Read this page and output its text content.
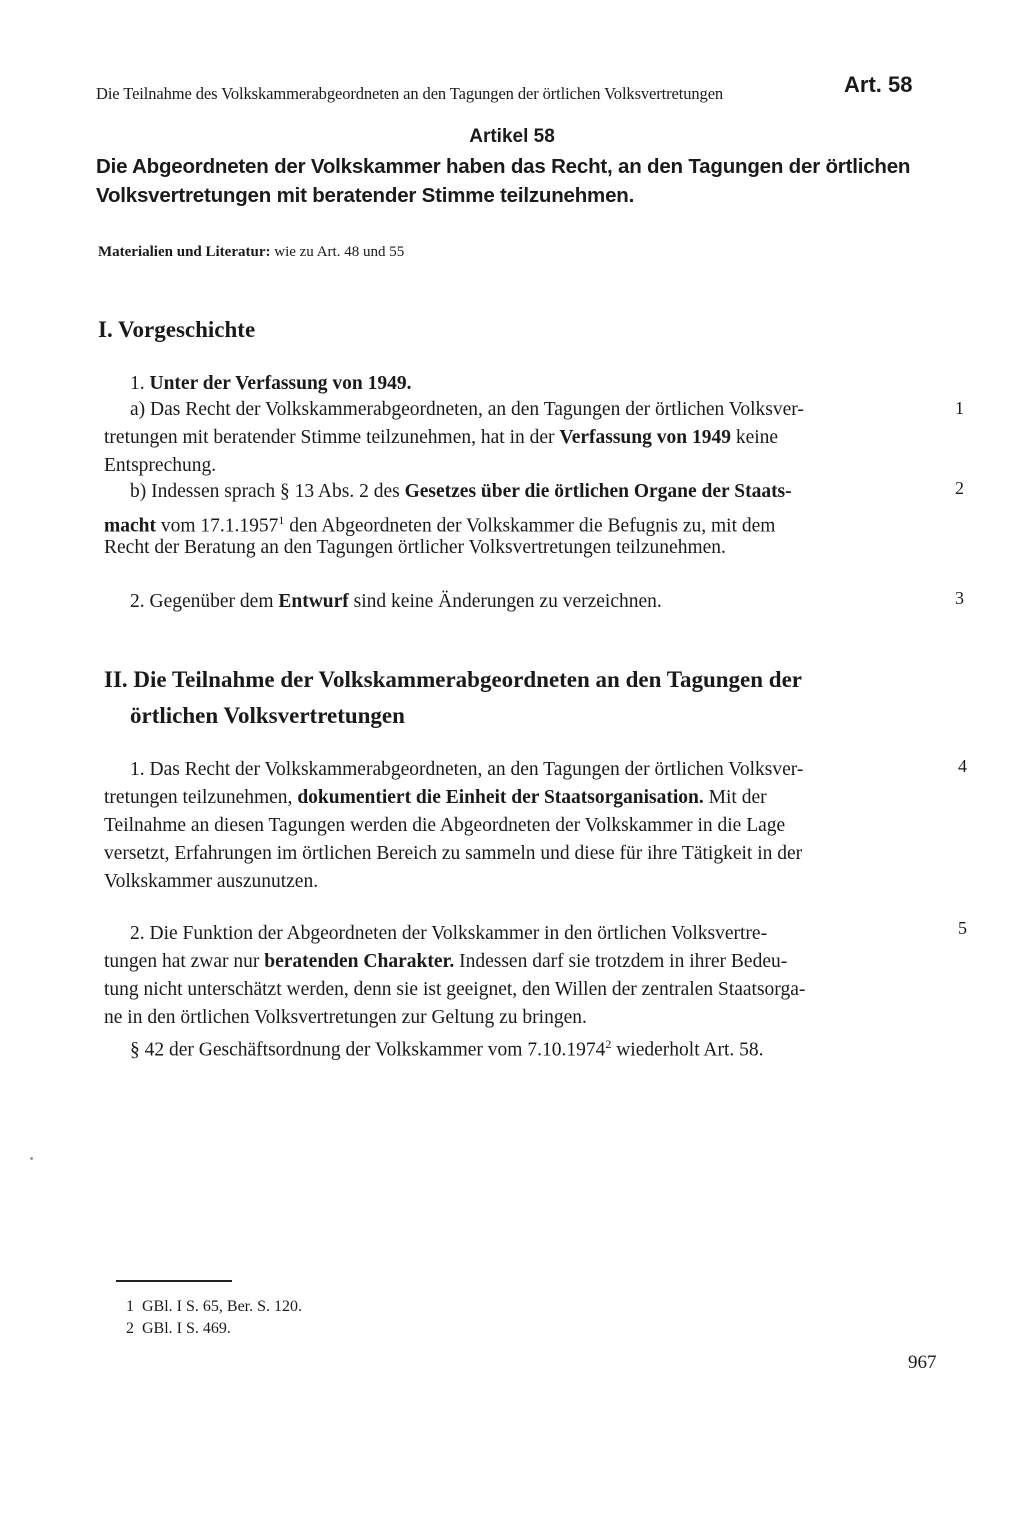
Die Teilnahme des Volkskammerabgeordneten an den Tagungen der örtlichen Volksvertretungen	Art. 58
Artikel 58
Die Abgeordneten der Volkskammer haben das Recht, an den Tagungen der örtlichen Volksvertretungen mit beratender Stimme teilzunehmen.
Materialien und Literatur: wie zu Art. 48 und 55
I. Vorgeschichte
1. Unter der Verfassung von 1949.
a) Das Recht der Volkskammerabgeordneten, an den Tagungen der örtlichen Volksver-	1
tretungen mit beratender Stimme teilzunehmen, hat in der Verfassung von 1949 keine
Entsprechung.
b) Indessen sprach § 13 Abs. 2 des Gesetzes über die örtlichen Organe der Staats-	2
macht vom 17.1.1957$^1$ den Abgeordneten der Volkskammer die Befugnis zu, mit dem
Recht der Beratung an den Tagungen örtlicher Volksvertretungen teilzunehmen.
2. Gegenüber dem Entwurf sind keine Änderungen zu verzeichnen.	3
II. Die Teilnahme der Volkskammerabgeordneten an den Tagungen der
örtlichen Volksvertretungen
1. Das Recht der Volkskammerabgeordneten, an den Tagungen der örtlichen Volksver-	4
tretungen teilzunehmen, dokumentiert die Einheit der Staatsorganisation. Mit der
Teilnahme an diesen Tagungen werden die Abgeordneten der Volkskammer in die Lage
versetzt, Erfahrungen im örtlichen Bereich zu sammeln und diese für ihre Tätigkeit in der
Volkskammer auszunutzen.
2. Die Funktion der Abgeordneten der Volkskammer in den örtlichen Volksvertre-	5
tungen hat zwar nur beratenden Charakter. Indessen darf sie trotzdem in ihrer Bedeu-
tung nicht unterschätzt werden, denn sie ist geeignet, den Willen der zentralen Staatsorga-
ne in den örtlichen Volksvertretungen zur Geltung zu bringen.
§ 42 der Geschäftsordnung der Volkskammer vom 7.10.1974$^2$ wiederholt Art. 58.
1 GBl. I S. 65, Ber. S. 120.
2 GBl. I S. 469.
967
